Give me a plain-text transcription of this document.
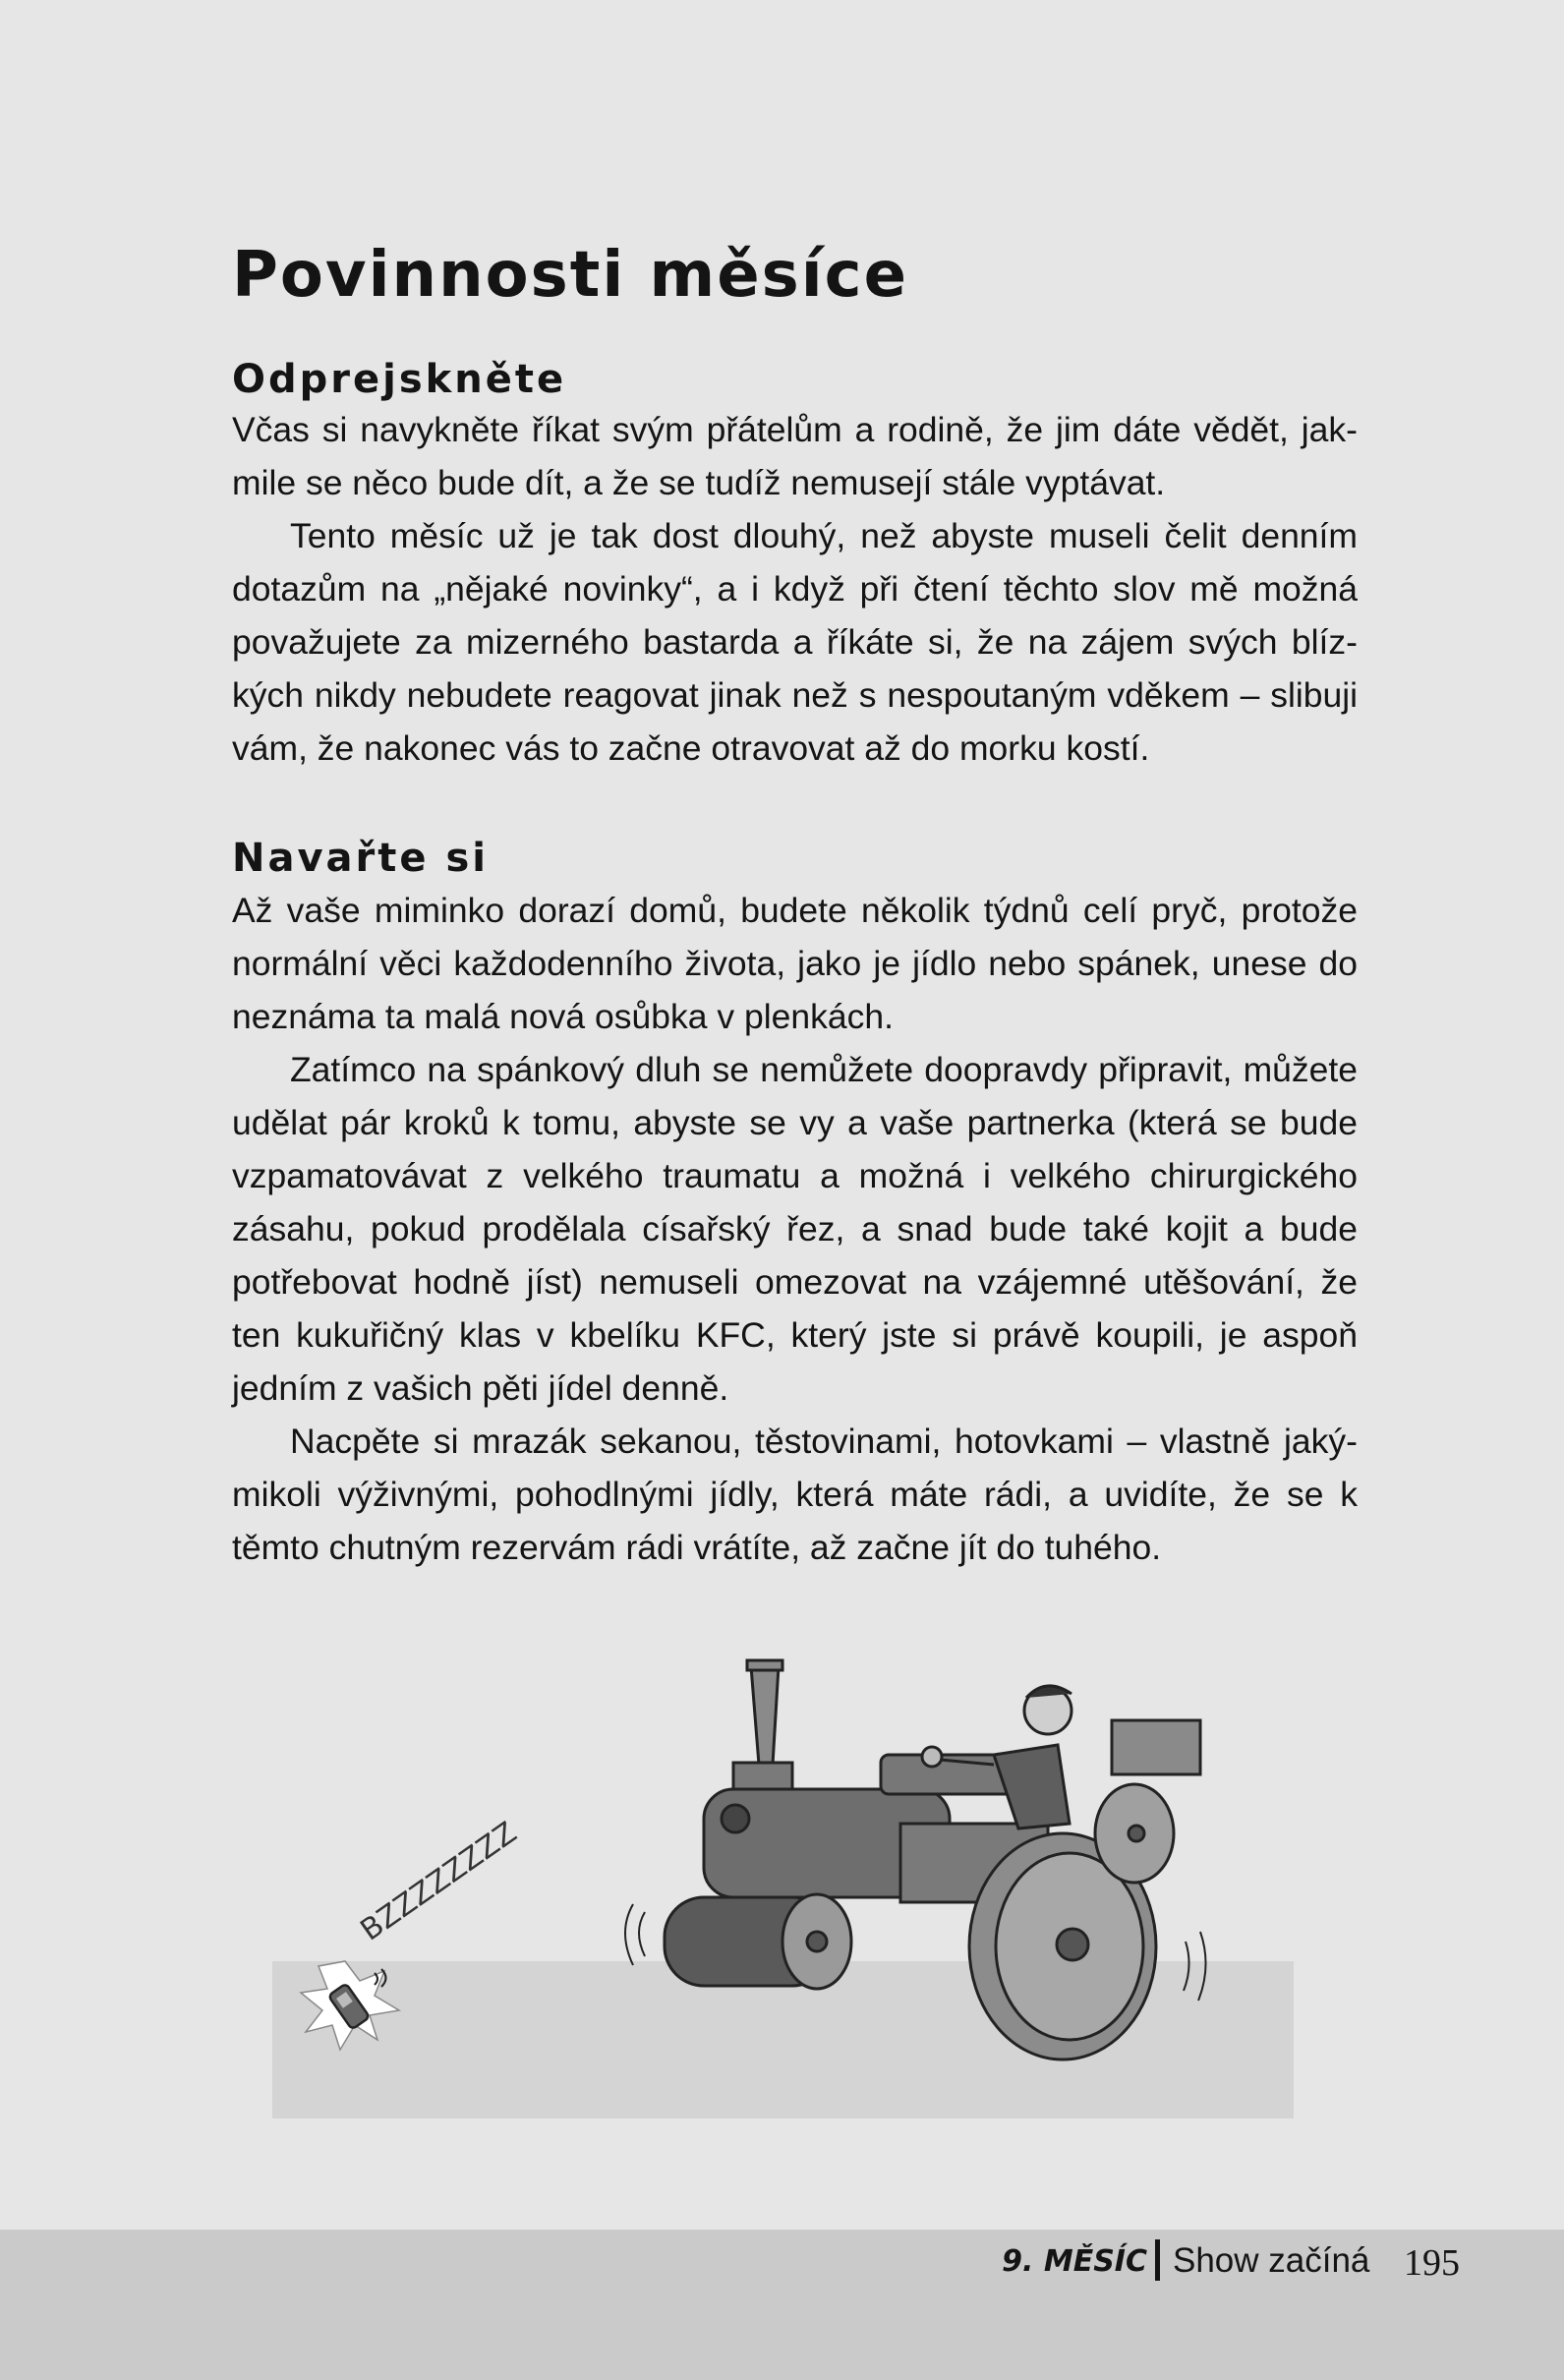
Povinnosti měsíce
Odprejskněte

Včas si navykněte říkat svým přátelům a rodině, že jim dáte vědět, jakmile se něco bude dít, a že se tudíž nemusejí stále vyptávat.

Tento měsíc už je tak dost dlouhý, než abyste museli čelit denním dotazům na „nějaké novinky“, a i když při čtení těchto slov mě možná považujete za mizerného bastarda a říkáte si, že na zájem svých blízkých nikdy nebudete reagovat jinak než s nespoutaným vděkem – slibuji vám, že nakonec vás to začne otravovat až do morku kostí.

Navařte si

Až vaše miminko dorazí domů, budete několik týdnů celí pryč, protože normální věci každodenního života, jako je jídlo nebo spánek, unese do neznáma ta malá nová osůbka v plenkách.

Zatímco na spánkový dluh se nemůžete doopravdy připravit, můžete udělat pár kroků k tomu, abyste se vy a vaše partnerka (která se bude vzpamatovávat z velkého traumatu a možná i velkého chirurgického zásahu, pokud prodělala císařský řez, a snad bude také kojit a bude potřebovat hodně jíst) nemuseli omezovat na vzájemné utěšování, že ten kukuřičný klas v kbelíku KFC, který jste si právě koupili, je aspoň jedním z vašich pěti jídel denně.

Nacpěte si mrazák sekanou, těstovinami, hotovkami – vlastně jakýmikoli výživnými, pohodlnými jídly, která máte rádi, a uvidíte, že se k těmto chutným rezervám rádi vrátíte, až začne jít do tuhého.

BZZZZZZZZ
9. MĚSÍC Show začíná 195
